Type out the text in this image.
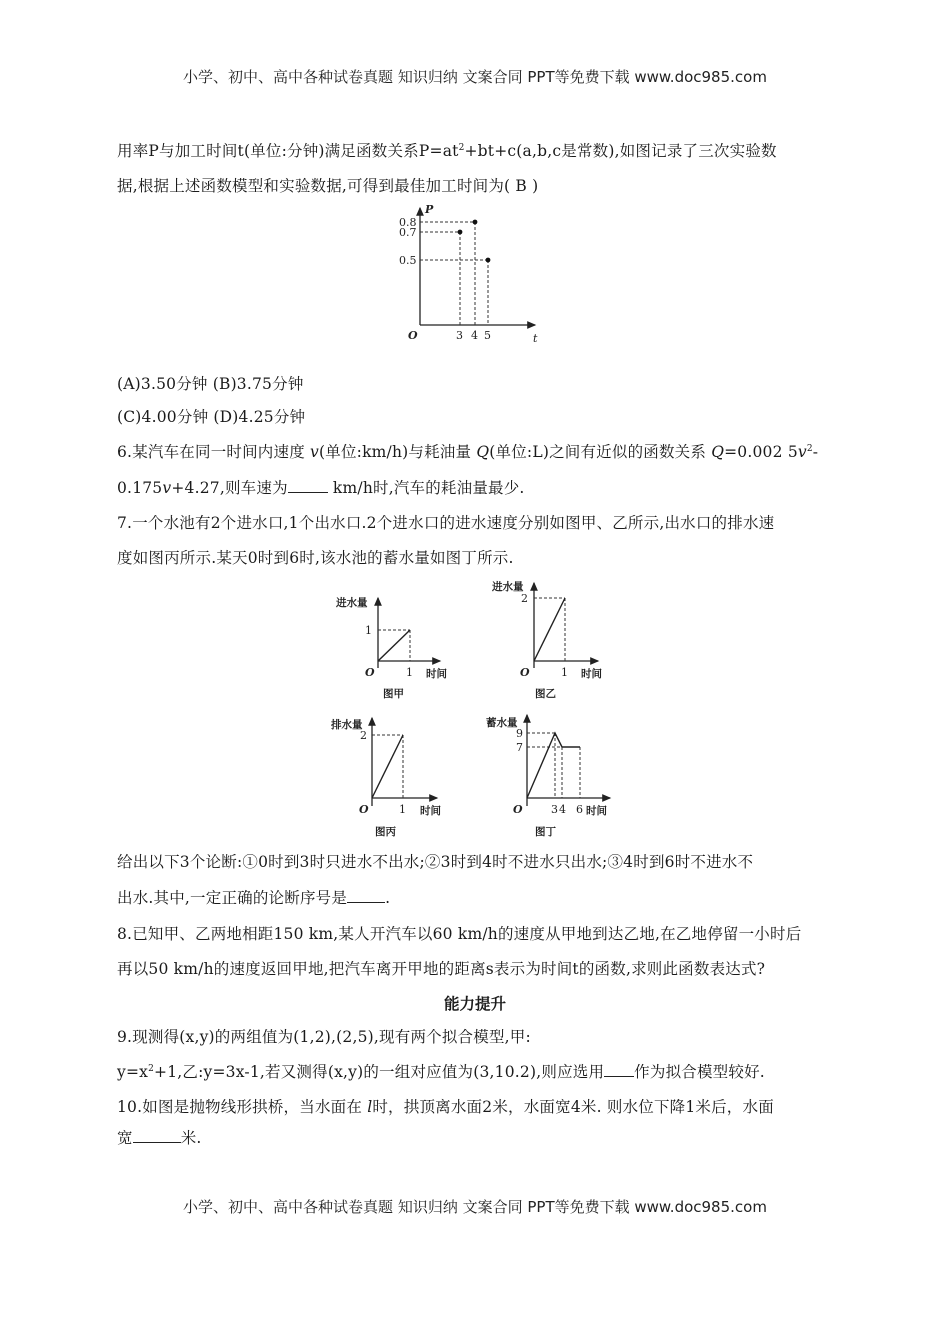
小学、初中、高中各种试卷真题 知识归纳 文案合同 PPT等免费下载 www.doc985.com
用率P与加工时间t(单位:分钟)满足函数关系$P=at^2+bt+c(a,b,c$是常数),如图记录了三次实验数
据,根据上述函数模型和实验数据,可得到最佳加工时间为( B )
0.8
0.7
0.5
3 4 5
O
P
t
(A)3.50分钟 (B)3.75分钟
(C)4.00分钟 (D)4.25分钟
6.某汽车在同一时间内速度 v(单位:km/h)与耗油量 Q(单位:L)之间有近似的函数关系 Q=0.002 $5v^2-$
0.175v+4.27,则车速为	km/h时,汽车的耗油量最少.
7.一个水池有2个进水口,1个出水口.2个进水口的进水速度分别如图甲、乙所示,出水口的排水速
度如图丙所示.某天0时到6时,该水池的蓄水量如图丁所示.
进水量
1
1
O	时间
图甲
进水量
2
1
O	时间
图乙
排水量
2
1
O	时间
图丙
蓄水量
9
7
3 4 6
O	时间
图丁
给出以下3个论断:①0时到3时只进水不出水;②3时到4时不进水只出水;③4时到6时不进水不
出水.其中,一定正确的论断序号是 .
8.已知甲、乙两地相距150 km,某人开汽车以60 km/h的速度从甲地到达乙地,在乙地停留一小时后
再以50 km/h的速度返回甲地,把汽车离开甲地的距离s表示为时间t的函数,求则此函数表达式?
能力提升
9.现测得(x,y)的两组值为(1,2),(2,5),现有两个拟合模型,甲:
$y=x^2+1$,乙:y=3x-1,若又测得(x,y)的一组对应值为(3,10.2),则应选用 作为拟合模型较好.
10.如图是抛物线形拱桥，当水面在 l时，拱顶离水面2米，水面宽4米. 则水位下降1米后，水面
宽	米.
小学、初中、高中各种试卷真题 知识归纳 文案合同 PPT等免费下载 www.doc985.com
